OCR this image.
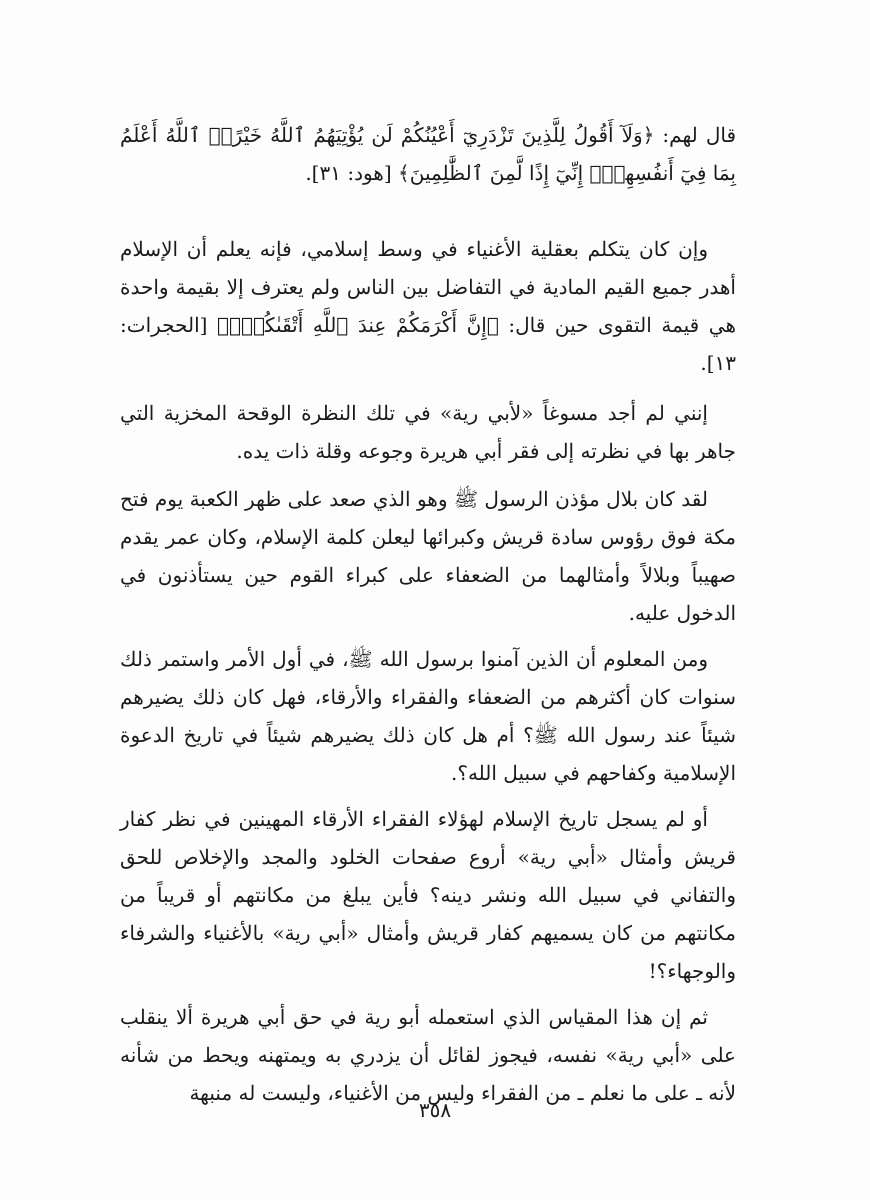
قال لهم: ﴿وَلَآ أَقُولُ لِلَّذِينَ تَزْدَرِيٓ أَعْيُنُكُمْ لَن يُؤْتِيَهُمُ ٱللَّهُ خَيْرًاۖ ٱللَّهُ أَعْلَمُ بِمَا فِيٓ أَنفُسِهِمْۖ إِنِّيٓ إِذًا لَّمِنَ ٱلظَّٰلِمِينَ﴾ [هود: ٣١].

وإن كان يتكلم بعقلية الأغنياء في وسط إسلامي، فإنه يعلم أن الإسلام أهدر جميع القيم المادية في التفاضل بين الناس ولم يعترف إلا بقيمة واحدة هي قيمة التقوى حين قال: ﴿إِنَّ أَكْرَمَكُمْ عِندَ ٱللَّهِ أَتْقَىٰكُمْۚ﴾ [الحجرات: ١٣].

إنني لم أجد مسوغاً «لأبي رية» في تلك النظرة الوقحة المخزية التي جاهر بها في نظرته إلى فقر أبي هريرة وجوعه وقلة ذات يده.

لقد كان بلال مؤذن الرسول ﷺ وهو الذي صعد على ظهر الكعبة يوم فتح مكة فوق رؤوس سادة قريش وكبرائها ليعلن كلمة الإسلام، وكان عمر يقدم صهيباً وبلالاً وأمثالهما من الضعفاء على كبراء القوم حين يستأذنون في الدخول عليه.

ومن المعلوم أن الذين آمنوا برسول الله ﷺ، في أول الأمر واستمر ذلك سنوات كان أكثرهم من الضعفاء والفقراء والأرقاء، فهل كان ذلك يضيرهم شيئاً عند رسول الله ﷺ؟ أم هل كان ذلك يضيرهم شيئاً في تاريخ الدعوة الإسلامية وكفاحهم في سبيل الله؟.

أو لم يسجل تاريخ الإسلام لهؤلاء الفقراء الأرقاء المهينين في نظر كفار قريش وأمثال «أبي رية» أروع صفحات الخلود والمجد والإخلاص للحق والتفاني في سبيل الله ونشر دينه؟ فأين يبلغ من مكانتهم أو قريباً من مكانتهم من كان يسميهم كفار قريش وأمثال «أبي رية» بالأغنياء والشرفاء والوجهاء؟!

ثم إن هذا المقياس الذي استعمله أبو رية في حق أبي هريرة ألا ينقلب على «أبي رية» نفسه، فيجوز لقائل أن يزدري به ويمتهنه ويحط من شأنه لأنه ـ على ما نعلم ـ من الفقراء وليس من الأغنياء، وليست له منبهة

٣٥٨
